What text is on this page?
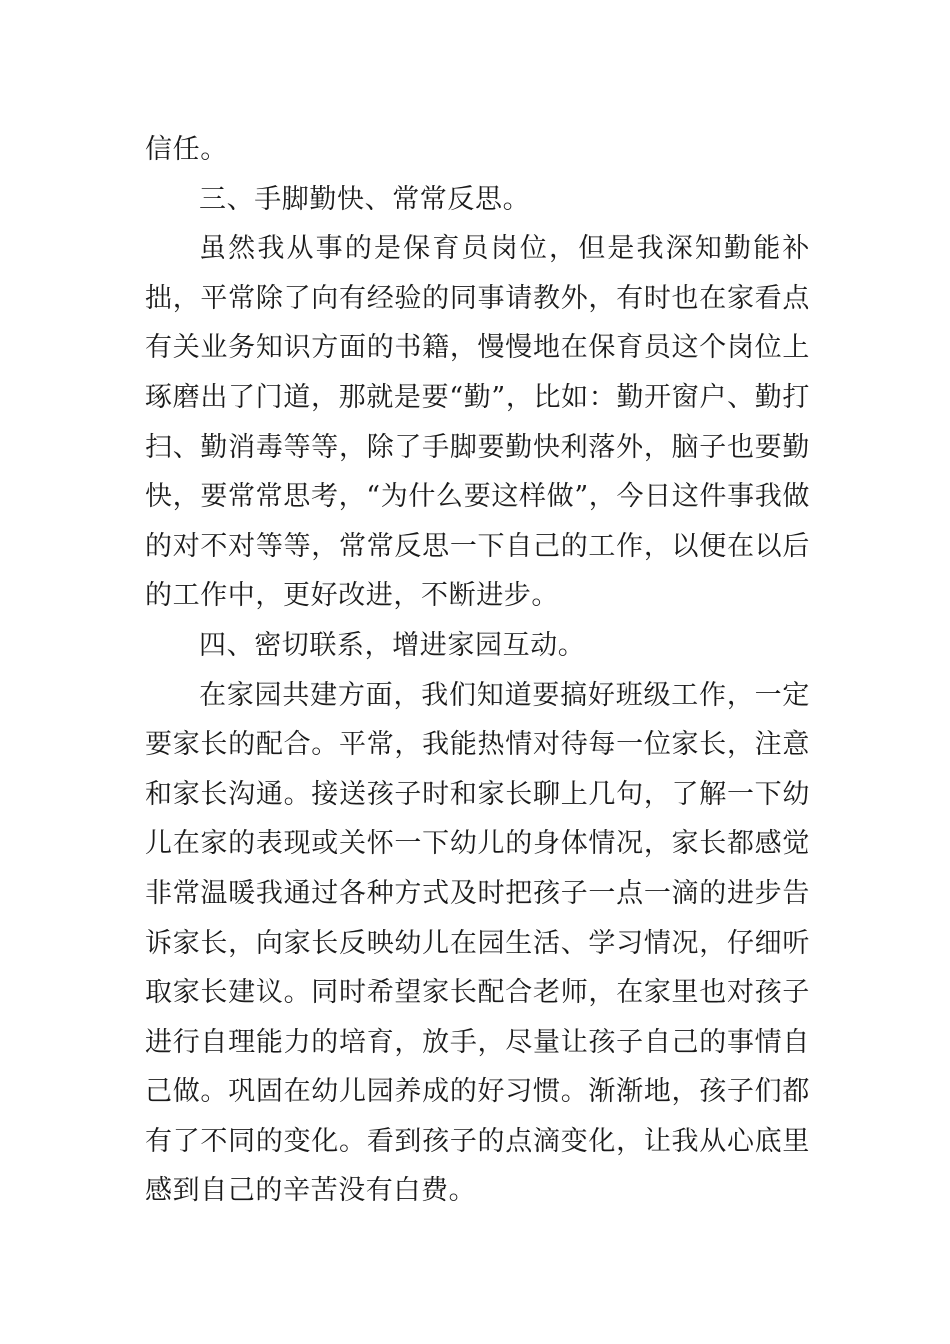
信任。

三、手脚勤快、常常反思。

虽然我从事的是保育员岗位，但是我深知勤能补拙，平常除了向有经验的同事请教外，有时也在家看点有关业务知识方面的书籍，慢慢地在保育员这个岗位上琢磨出了门道，那就是要“勤”，比如：勤开窗户、勤打扫、勤消毒等等，除了手脚要勤快利落外，脑子也要勤快，要常常思考，“为什么要这样做”，今日这件事我做的对不对等等，常常反思一下自己的工作，以便在以后的工作中，更好改进，不断进步。

四、密切联系，增进家园互动。

在家园共建方面，我们知道要搞好班级工作，一定要家长的配合。平常，我能热情对待每一位家长，注意和家长沟通。接送孩子时和家长聊上几句，了解一下幼儿在家的表现或关怀一下幼儿的身体情况，家长都感觉非常温暖我通过各种方式及时把孩子一点一滴的进步告诉家长，向家长反映幼儿在园生活、学习情况，仔细听取家长建议。同时希望家长配合老师，在家里也对孩子进行自理能力的培育，放手，尽量让孩子自己的事情自己做。巩固在幼儿园养成的好习惯。渐渐地，孩子们都有了不同的变化。看到孩子的点滴变化，让我从心底里感到自己的辛苦没有白费。
